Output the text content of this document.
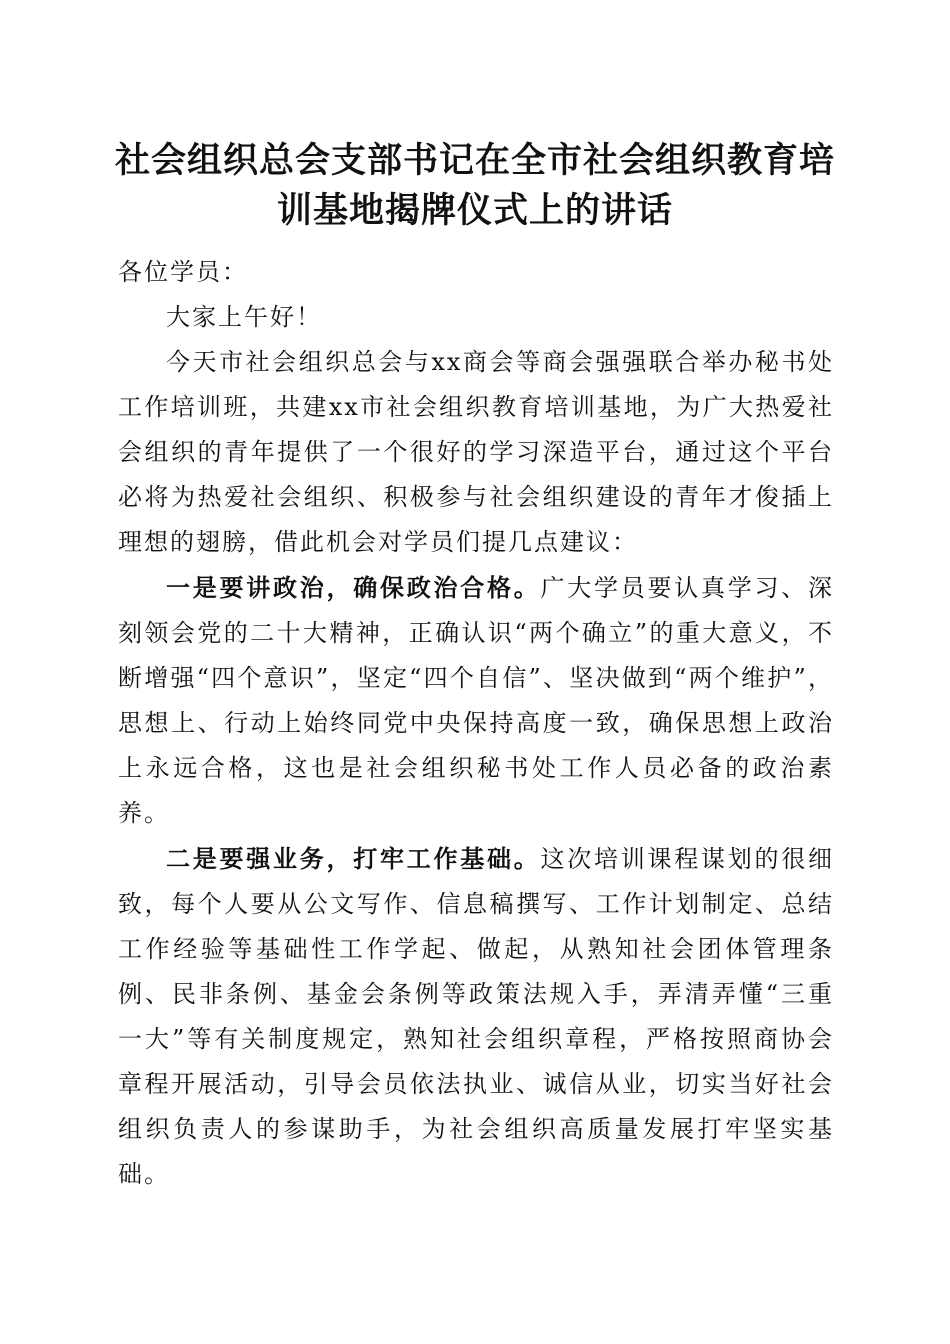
社会组织总会支部书记在全市社会组织教育培
训基地揭牌仪式上的讲话

各位学员：

大家上午好！

今天市社会组织总会与xx商会等商会强强联合举办秘书处工作培训班，共建xx市社会组织教育培训基地，为广大热爱社会组织的青年提供了一个很好的学习深造平台，通过这个平台必将为热爱社会组织、积极参与社会组织建设的青年才俊插上理想的翅膀，借此机会对学员们提几点建议：

一是要讲政治，确保政治合格。广大学员要认真学习、深刻领会党的二十大精神，正确认识“两个确立”的重大意义，不断增强“四个意识”，坚定“四个自信”、坚决做到“两个维护”，思想上、行动上始终同党中央保持高度一致，确保思想上政治上永远合格，这也是社会组织秘书处工作人员必备的政治素养。

二是要强业务，打牢工作基础。这次培训课程谋划的很细致，每个人要从公文写作、信息稿撰写、工作计划制定、总结工作经验等基础性工作学起、做起，从熟知社会团体管理条例、民非条例、基金会条例等政策法规入手，弄清弄懂“三重一大”等有关制度规定，熟知社会组织章程，严格按照商协会章程开展活动，引导会员依法执业、诚信从业，切实当好社会组织负责人的参谋助手，为社会组织高质量发展打牢坚实基础。
